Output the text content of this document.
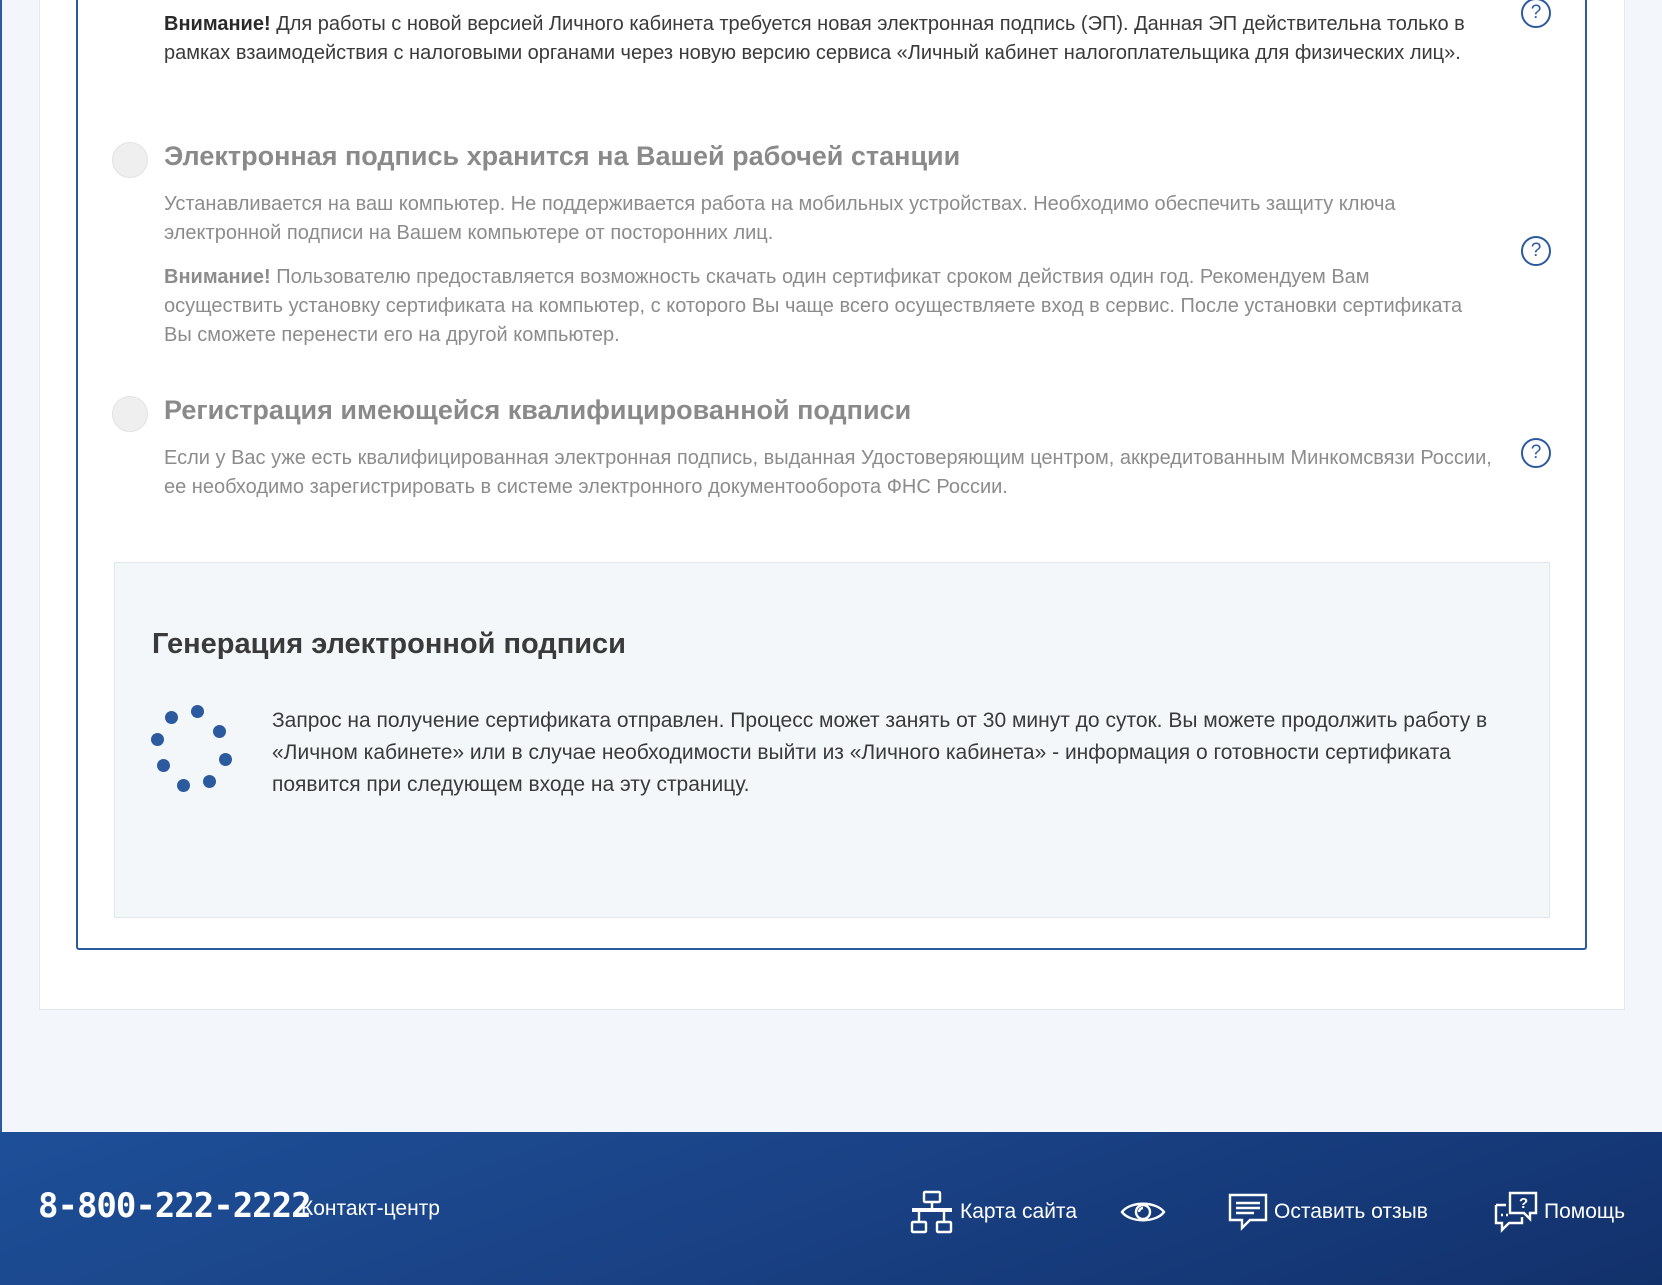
Внимание! Для работы с новой версией Личного кабинета требуется новая электронная подпись (ЭП). Данная ЭП действительна только в рамках взаимодействия с налоговыми органами через новую версию сервиса «Личный кабинет налогоплательщика для физических лиц».
?
Электронная подпись хранится на Вашей рабочей станции
Устанавливается на ваш компьютер. Не поддерживается работа на мобильных устройствах. Необходимо обеспечить защиту ключа электронной подписи на Вашем компьютере от посторонних лиц.
Внимание! Пользователю предоставляется возможность скачать один сертификат сроком действия один год. Рекомендуем Вам осуществить установку сертификата на компьютер, с которого Вы чаще всего осуществляете вход в сервис. После установки сертификата Вы сможете перенести его на другой компьютер.
?
Регистрация имеющейся квалифицированной подписи
Если у Вас уже есть квалифицированная электронная подпись, выданная Удостоверяющим центром, аккредитованным Минкомсвязи России, ее необходимо зарегистрировать в системе электронного документооборота ФНС России.
?
Генерация электронной подписи
Запрос на получение сертификата отправлен. Процесс может занять от 30 минут до суток. Вы можете продолжить работу в «Личном кабинете» или в случае необходимости выйти из «Личного кабинета» - информация о готовности сертификата появится при следующем входе на эту страницу.
8-800-222-2222
Контакт-центр	Карта сайта	Оставить отзыв	? Помощь
